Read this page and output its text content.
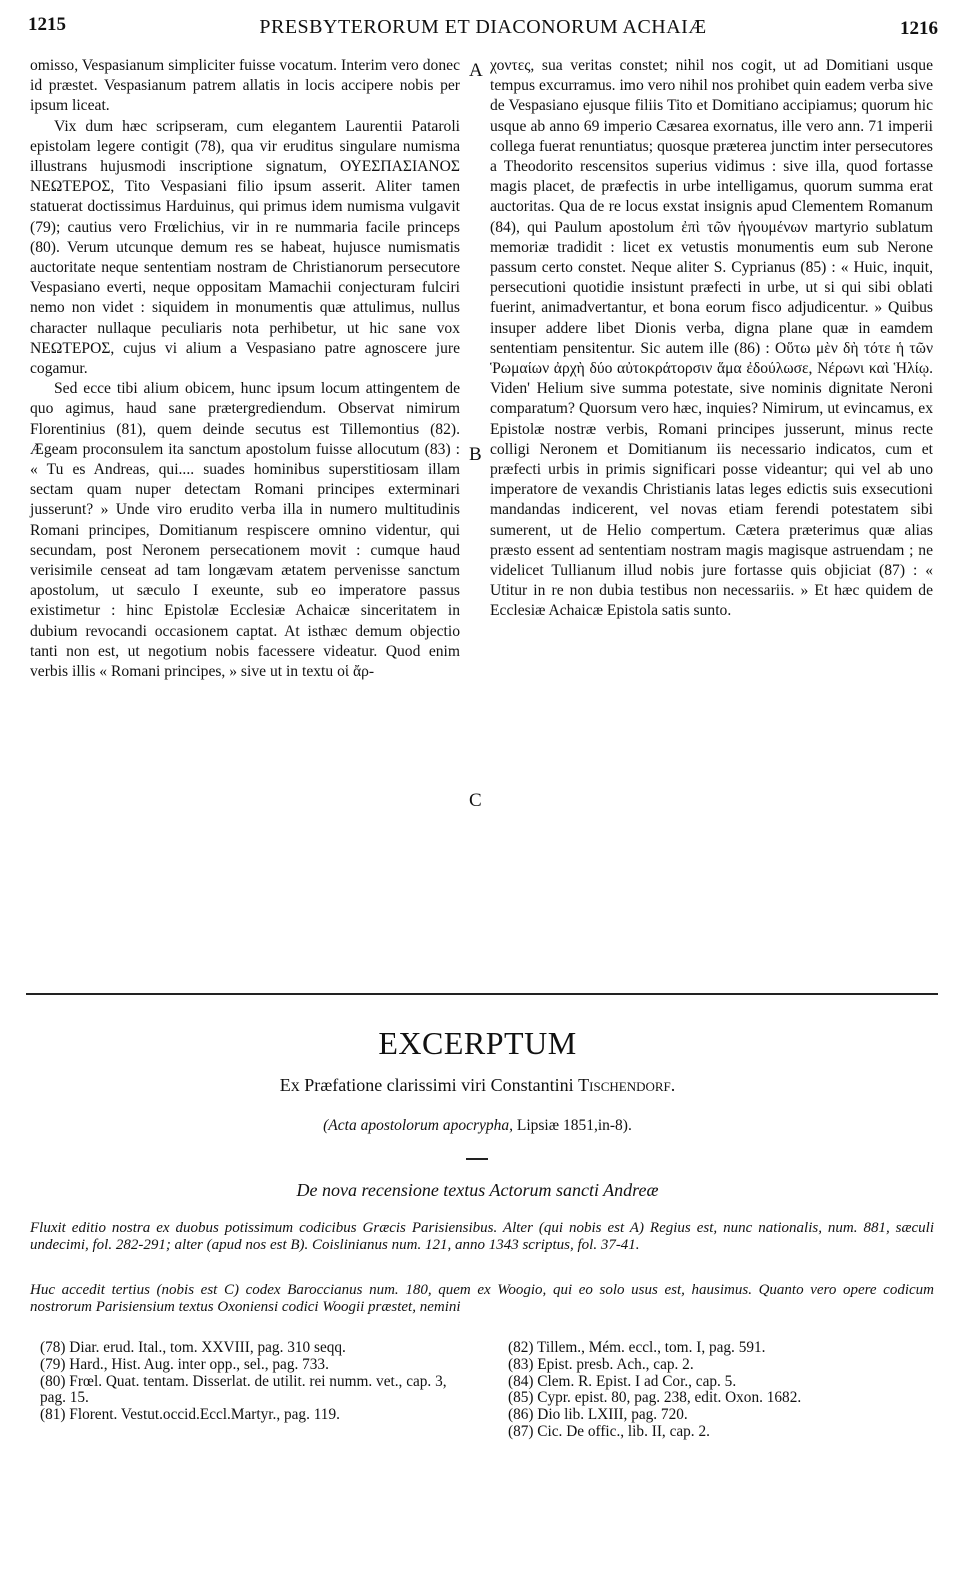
1215	PRESBYTERORUM ET DIACONORUM ACHAIÆ	1216

omisso, Vespasianum simpliciter fuisse vocatum. Interim vero donec id præstet. Vespasianum patrem allatis in locis accipere nobis per ipsum liceat.

Vix dum hæc scripseram, cum elegantem Laurentii Pataroli epistolam legere contigit (78), qua vir eruditus singulare numisma illustrans hujusmodi inscriptione signatum, ΟΥΕΣΠΑΣΙΑΝΟΣ ΝΕΩΤΕΡΟΣ, Tito Vespasiani filio ipsum asserit. Aliter tamen statuerat doctissimus Harduinus, qui primus idem numisma vulgavit (79); cautius vero Frœlichius, vir in re nummaria facile princeps (80). Verum utcunque demum res se habeat, hujusce numismatis auctoritate neque sententiam nostram de Christianorum persecutore Vespasiano everti, neque oppositam Mamachii conjecturam fulciri nemo non videt : siquidem in monumentis quæ attulimus, nullus character nullaque peculiaris nota perhibetur, ut hic sane vox ΝΕΩΤΕΡΟΣ, cujus vi alium a Vespasiano patre agnoscere jure cogamur.

Sed ecce tibi alium obicem, hunc ipsum locum attingentem de quo agimus, haud sane prætergrediendum. Observat nimirum Florentinius (81), quem deinde secutus est Tillemontius (82). Ægeam proconsulem ita sanctum apostolum fuisse allocutum (83) : « Tu es Andreas, qui.... suades hominibus superstitiosam illam sectam quam nuper detectam Romani principes exterminari jusserunt? » Unde viro erudito verba illa in numero multitudinis Romani principes, Domitianum respiscere omnino videntur, qui secundam, post Neronem persecationem movit : cumque haud verisimile censeat ad tam longævam ætatem pervenisse sanctum apostolum, ut sæculo I exeunte, sub eo imperatore passus existimetur : hinc Epistolæ Ecclesiæ Achaicæ sinceritatem in dubium revocandi occasionem captat. At isthæc demum objectio tanti non est, ut negotium nobis facessere videatur. Quod enim verbis illis « Romani principes, » sive ut in textu οἱ ἄρ-

A
B
C

χοντες, sua veritas constet; nihil nos cogit, ut ad Domitiani usque tempus excurramus. imo vero nihil nos prohibet quin eadem verba sive de Vespasiano ejusque filiis Tito et Domitiano accipiamus; quorum hic usque ab anno 69 imperio Cæsarea exornatus, ille vero ann. 71 imperii collega fuerat renuntiatus; quosque præterea junctim inter persecutores a Theodorito rescensitos superius vidimus : sive illa, quod fortasse magis placet, de præfectis in urbe intelligamus, quorum summa erat auctoritas. Qua de re locus exstat insignis apud Clementem Romanum (84), qui Paulum apostolum ἐπὶ τῶν ἡγουμένων martyrio sublatum memoriæ tradidit : licet ex vetustis monumentis eum sub Nerone passum certo constet. Neque aliter S. Cyprianus (85) : « Huic, inquit, persecutioni quotidie insistunt præfecti in urbe, ut si qui sibi oblati fuerint, animadvertantur, et bona eorum fisco adjudicentur. » Quibus insuper addere libet Dionis verba, digna plane quæ in eamdem sententiam pensitentur. Sic autem ille (86) : Οὕτω μὲν δὴ τότε ἡ τῶν Ῥωμαίων ἀρχὴ δύο αὐτοκράτορσιν ἅμα ἐδούλωσε, Νέρωνι καὶ Ἡλίῳ. Viden' Helium sive summa potestate, sive nominis dignitate Neroni comparatum? Quorsum vero hæc, inquies? Nimirum, ut evincamus, ex Epistolæ nostræ verbis, Romani principes jusserunt, minus recte colligi Neronem et Domitianum iis necessario indicatos, cum et præfecti urbis in primis significari posse videantur; qui vel ab uno imperatore de vexandis Christianis latas leges edictis suis exsecutioni mandandas indicerent, vel novas etiam ferendi potestatem sibi sumerent, ut de Helio compertum. Cætera præterimus quæ alias præsto essent ad sententiam nostram magis magisque astruendam ; ne videlicet Tullianum illud nobis jure fortasse quis objiciat (87) : « Utitur in re non dubia testibus non necessariis. » Et hæc quidem de Ecclesiæ Achaicæ Epistola satis sunto.

EXCERPTUM
Ex Præfatione clarissimi viri Constantini Tischendorf.
(Acta apostolorum apocrypha, Lipsiæ 1851,in-8).
De nova recensione textus Actorum sancti Andreæ
Fluxit editio nostra ex duobus potissimum codicibus Græcis Parisiensibus. Alter (qui nobis est A) Regius est, nunc nationalis, num. 881, sæculi undecimi, fol. 282-291; alter (apud nos est B). Coislinianus num. 121, anno 1343 scriptus, fol. 37-41.
Huc accedit tertius (nobis est C) codex Baroccianus num. 180, quem ex Woogio, qui eo solo usus est, hausimus. Quanto vero opere codicum nostrorum Parisiensium textus Oxoniensi codici Woogii præstet, nemini
(78) Diar. erud. Ital., tom. XXVIII, pag. 310 seqq.
(79) Hard., Hist. Aug. inter opp., sel., pag. 733.
(80) Frœl. Quat. tentam. Disserlat. de utilit. rei numm. vet., cap. 3, pag. 15.
(81) Florent. Vestut.occid.Eccl.Martyr., pag. 119.
(82) Tillem., Mém. eccl., tom. I, pag. 591.
(83) Epist. presb. Ach., cap. 2.
(84) Clem. R. Epist. I ad Cor., cap. 5.
(85) Cypr. epist. 80, pag. 238, edit. Oxon. 1682.
(86) Dio lib. LXIII, pag. 720.
(87) Cic. De offic., lib. II, cap. 2.
